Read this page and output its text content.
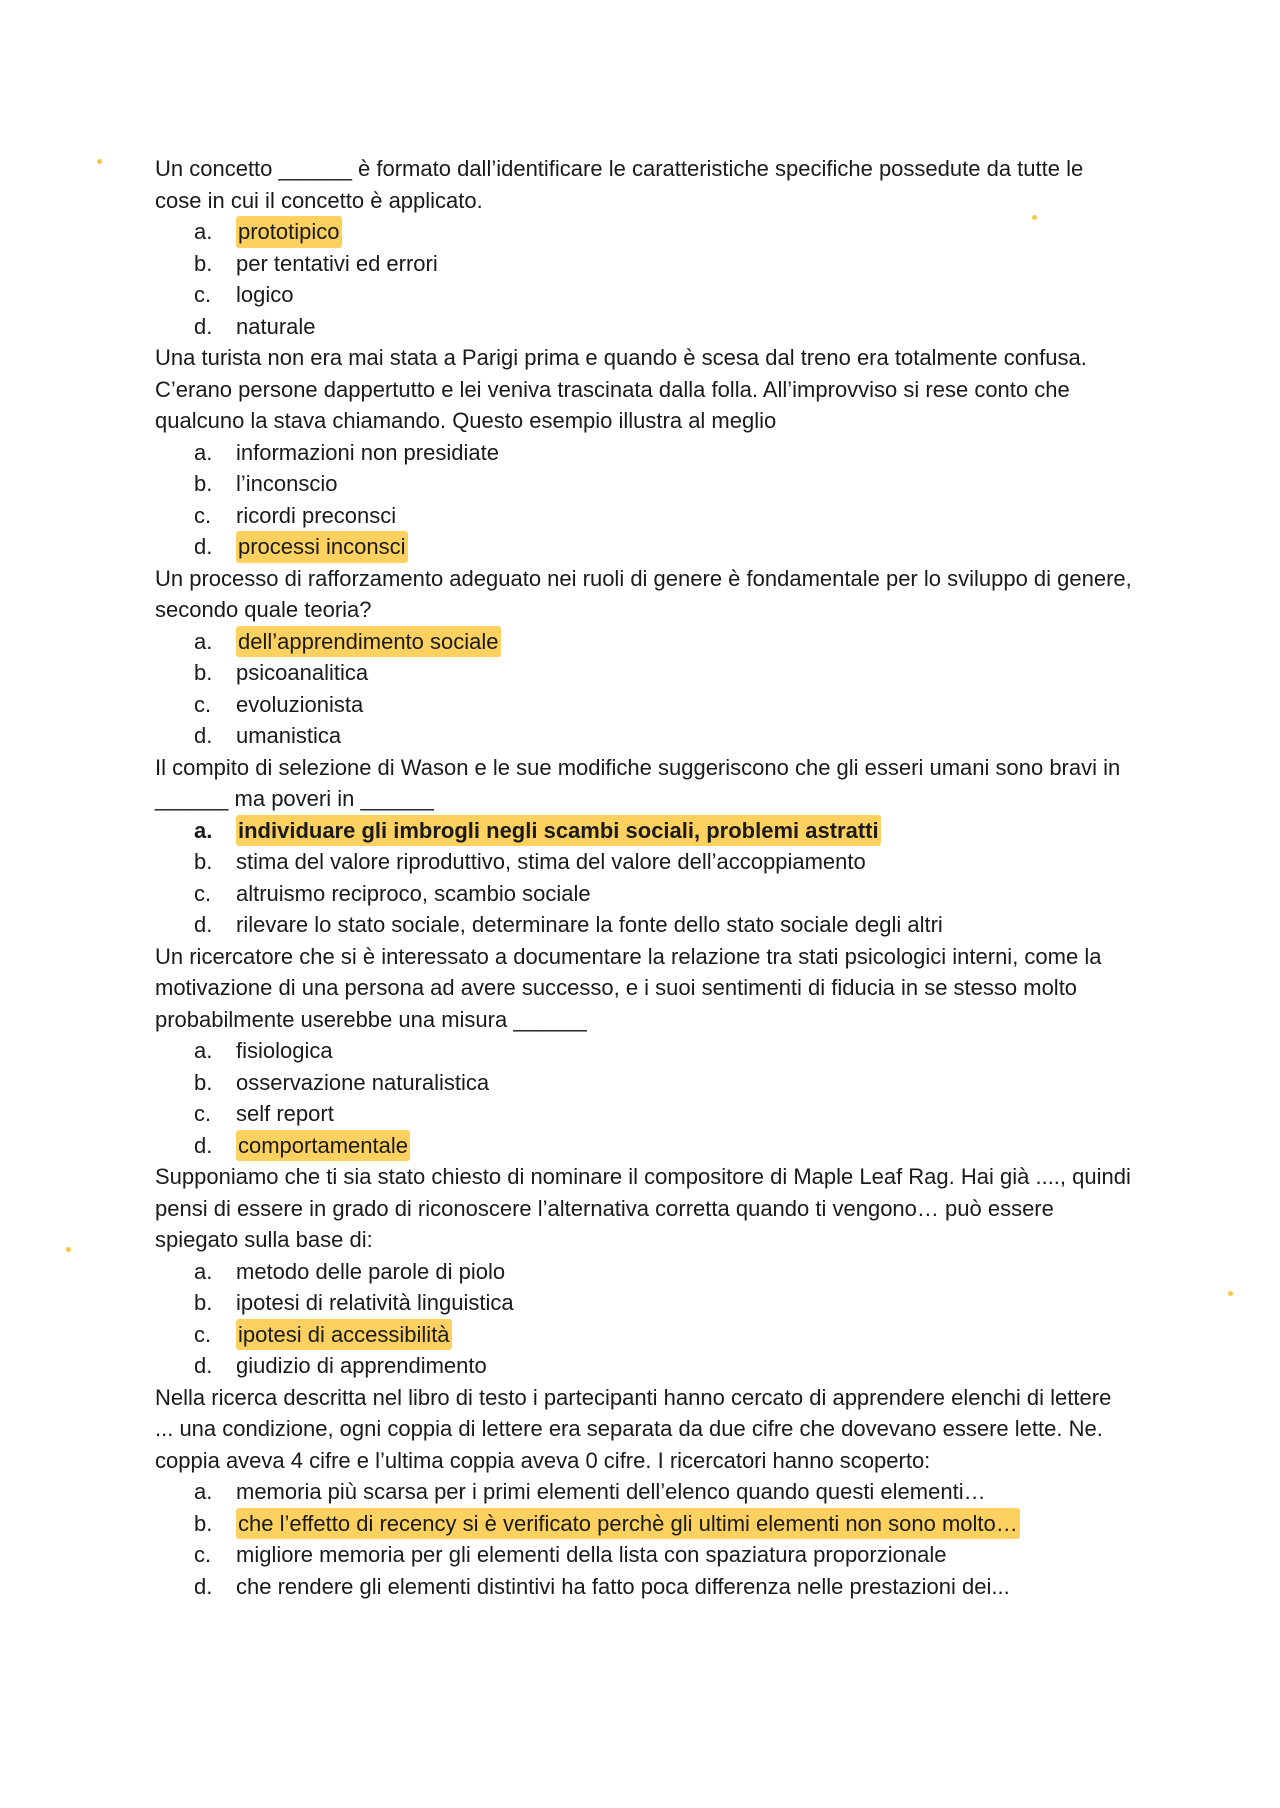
Un concetto ______ è formato dall’identificare le caratteristiche specifiche possedute da tutte le cose in cui il concetto è applicato.

a.	prototipico
b.	per tentativi ed errori
c.	logico
d.	naturale

Una turista non era mai stata a Parigi prima e quando è scesa dal treno era totalmente confusa. C’erano persone dappertutto e lei veniva trascinata dalla folla. All’improvviso si rese conto che qualcuno la stava chiamando. Questo esempio illustra al meglio

a.	informazioni non presidiate
b.	l’inconscio
c.	ricordi preconsci
d.	processi inconsci

Un processo di rafforzamento adeguato nei ruoli di genere è fondamentale per lo sviluppo di genere, secondo quale teoria?

a.	dell’apprendimento sociale
b.	psicoanalitica
c.	evoluzionista
d.	umanistica

Il compito di selezione di Wason e le sue modifiche suggeriscono che gli esseri umani sono bravi in ______ ma poveri in ______

a.	individuare gli imbrogli negli scambi sociali, problemi astratti
b.	stima del valore riproduttivo, stima del valore dell’accoppiamento
c.	altruismo reciproco, scambio sociale
d.	rilevare lo stato sociale, determinare la fonte dello stato sociale degli altri

Un ricercatore che si è interessato a documentare la relazione tra stati psicologici interni, come la motivazione di una persona ad avere successo, e i suoi sentimenti di fiducia in se stesso molto probabilmente userebbe una misura ______

a.	fisiologica
b.	osservazione naturalistica
c.	self report
d.	comportamentale

Supponiamo che ti sia stato chiesto di nominare il compositore di Maple Leaf Rag. Hai già ...., quindi pensi di essere in grado di riconoscere l’alternativa corretta quando ti vengono… può essere spiegato sulla base di:

a.	metodo delle parole di piolo
b.	ipotesi di relatività linguistica
c.	ipotesi di accessibilità
d.	giudizio di apprendimento

Nella ricerca descritta nel libro di testo i partecipanti hanno cercato di apprendere elenchi di lettere ... una condizione, ogni coppia di lettere era separata da due cifre che dovevano essere lette. Ne. coppia aveva 4 cifre e l’ultima coppia aveva 0 cifre. I ricercatori hanno scoperto:

a.	memoria più scarsa per i primi elementi dell’elenco quando questi elementi…
b.	che l’effetto di recency si è verificato perchè gli ultimi elementi non sono molto…
c.	migliore memoria per gli elementi della lista con spaziatura proporzionale
d.	che rendere gli elementi distintivi ha fatto poca differenza nelle prestazioni dei...
